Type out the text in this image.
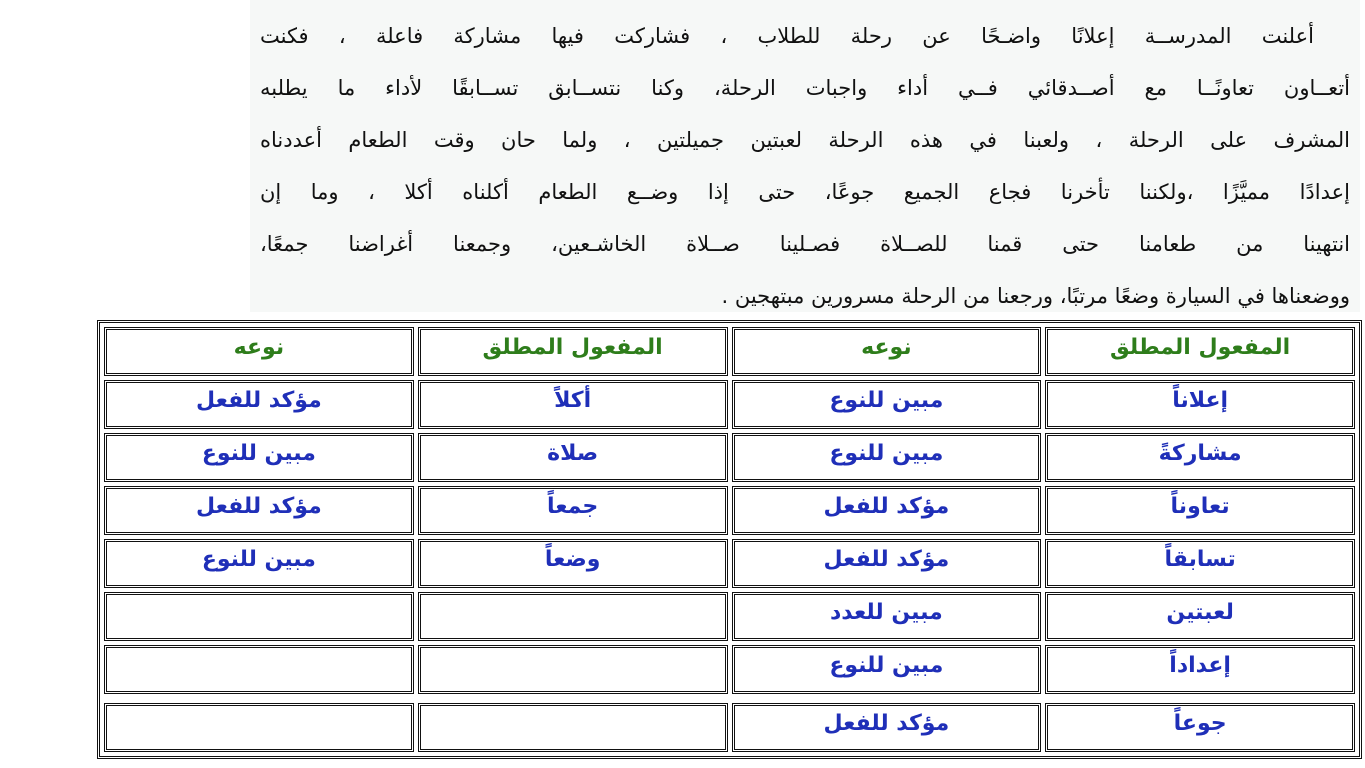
أعلنت المدرســة إعلانًا واضـحًا عن رحلة للطلاب ، فشاركت فيها مشاركة فاعلة ، فكنت
أتعــاون تعاونًــا مع أصــدقائي فــي أداء واجبات الرحلة، وكنا نتســابق تســابقًا لأداء ما يطلبه
المشرف على الرحلة ، ولعبنا في هذه الرحلة لعبتين جميلتين ، ولما حان وقت الطعام أعددناه
إعدادًا مميَّزًا ،ولكننا تأخرنا فجاع الجميع جوعًا، حتى إذا وضــع الطعام أكلناه أكلا ، وما إن
انتهينا من طعامنا حتى قمنا للصــلاة فصـلينا صــلاة الخاشـعين، وجمعنا أغراضنا جمعًا،
ووضعناها في السيارة وضعًا مرتبًا، ورجعنا من الرحلة مسرورين مبتهجين .
المفعول المطلق	نوعه	المفعول المطلق	نوعه
إعلاناً	مبين للنوع	أكلاً	مؤكد للفعل
مشاركةً	مبين للنوع	صلاة	مبين للنوع
تعاوناً	مؤكد للفعل	جمعاً	مؤكد للفعل
تسابقاً	مؤكد للفعل	وضعاً	مبين للنوع
لعبتين	مبين للعدد		
إعداداً	مبين للنوع		

جوعاً	مؤكد للفعل		
